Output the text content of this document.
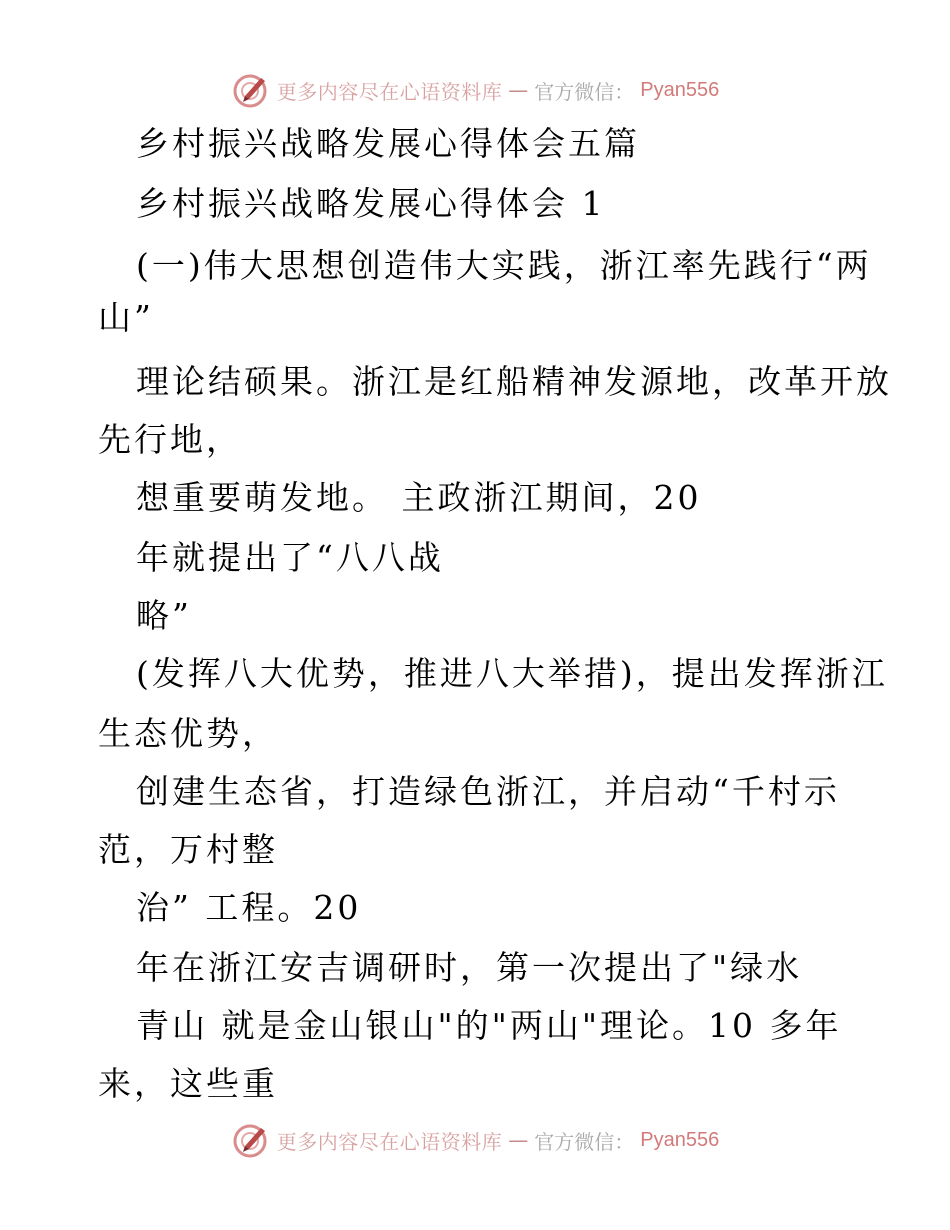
更多内容尽在心语资料库 — 官方微信： Pyan556
乡村振兴战略发展心得体会五篇
乡村振兴战略发展心得体会 1
(一)伟大思想创造伟大实践，浙江率先践行“两
山”
理论结硕果。浙江是红船精神发源地，改革开放
先行地，
想重要萌发地。 主政浙江期间，20
年就提出了“八八战
略”
(发挥八大优势，推进八大举措)，提出发挥浙江
生态优势，
创建生态省，打造绿色浙江，并启动“千村示
范，万村整
治” 工程。20
年在浙江安吉调研时，第一次提出了"绿水
青山 就是金山银山"的"两山"理论。10 多年
来，这些重
更多内容尽在心语资料库 — 官方微信： Pyan556
